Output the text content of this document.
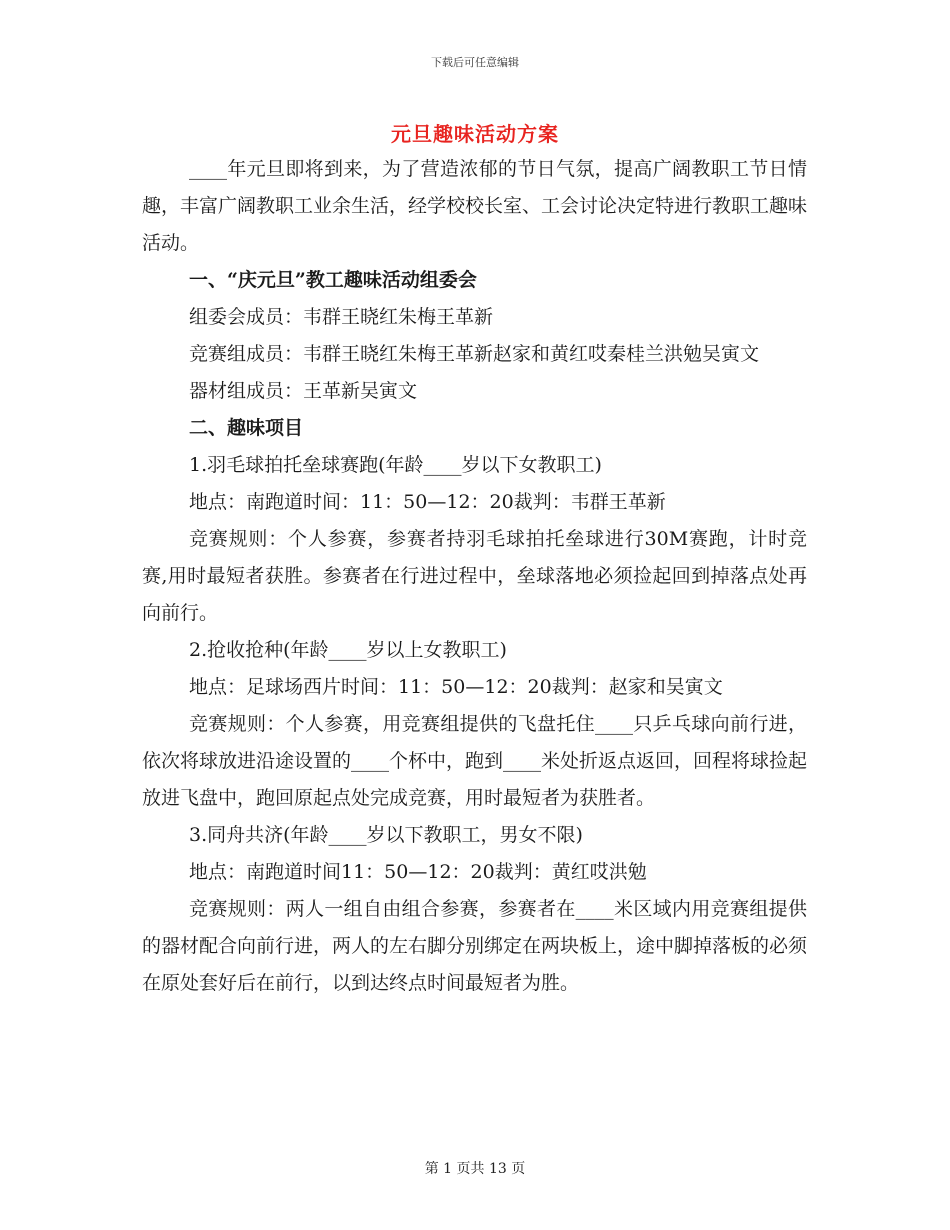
下载后可任意编辑
元旦趣味活动方案

____年元旦即将到来，为了营造浓郁的节日气氛，提高广阔教职工节日情趣，丰富广阔教职工业余生活，经学校校长室、工会讨论决定特进行教职工趣味活动。

一、“庆元旦”教工趣味活动组委会

组委会成员：韦群王晓红朱梅王革新

竞赛组成员：韦群王晓红朱梅王革新赵家和黄红哎秦桂兰洪勉吴寅文

器材组成员：王革新吴寅文

二、趣味项目

1.羽毛球拍托垒球赛跑(年龄____岁以下女教职工)

地点：南跑道时间：11：50—12：20裁判：韦群王革新

竞赛规则：个人参赛，参赛者持羽毛球拍托垒球进行30M赛跑，计时竞赛,用时最短者获胜。参赛者在行进过程中，垒球落地必须捡起回到掉落点处再向前行。

2.抢收抢种(年龄____岁以上女教职工)

地点：足球场西片时间：11：50—12：20裁判：赵家和吴寅文

竞赛规则：个人参赛，用竞赛组提供的飞盘托住____只乒乓球向前行进，依次将球放进沿途设置的____个杯中，跑到____米处折返点返回，回程将球捡起放进飞盘中，跑回原起点处完成竞赛，用时最短者为获胜者。

3.同舟共济(年龄____岁以下教职工，男女不限)

地点：南跑道时间11：50—12：20裁判：黄红哎洪勉

竞赛规则：两人一组自由组合参赛，参赛者在____米区域内用竞赛组提供的器材配合向前行进，两人的左右脚分别绑定在两块板上，途中脚掉落板的必须在原处套好后在前行，以到达终点时间最短者为胜。

第 1 页共 13 页
